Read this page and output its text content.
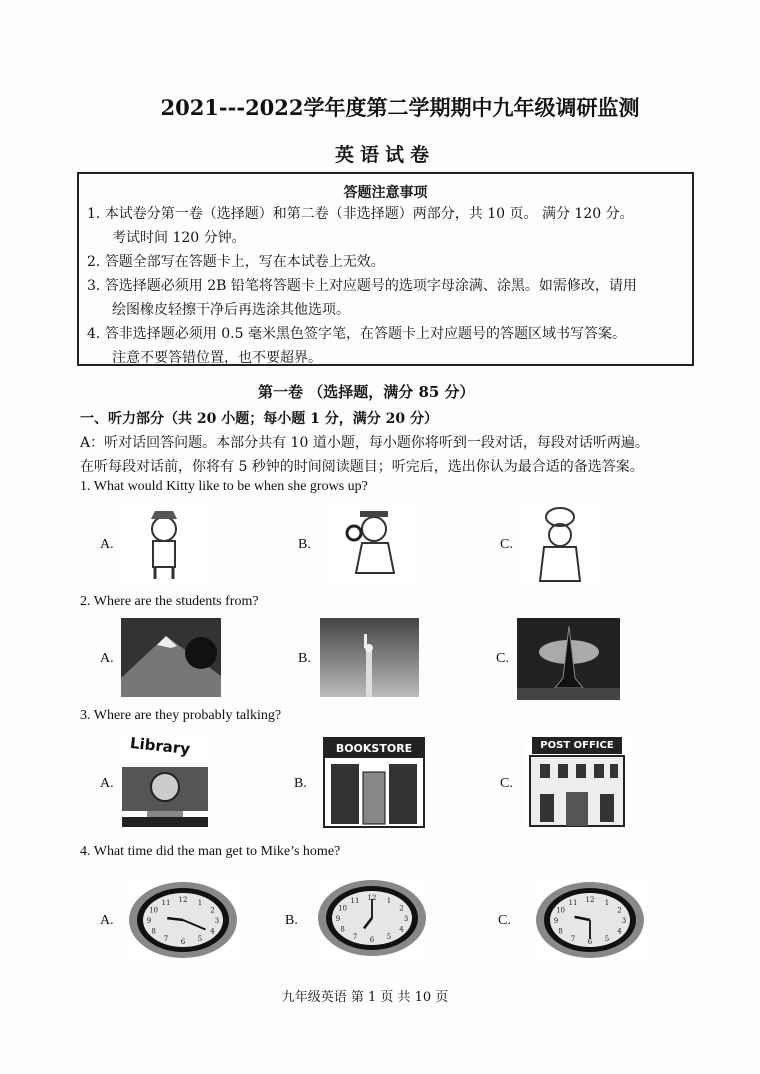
2021---2022学年度第二学期期中九年级调研监测
英语试卷
答题注意事项
1. 本试卷分第一卷（选择题）和第二卷（非选择题）两部分，共 10 页。 满分 120 分。
考试时间 120 分钟。
2. 答题全部写在答题卡上，写在本试卷上无效。
3. 答选择题必须用 2B 铅笔将答题卡上对应题号的选项字母涂满、涂黑。如需修改，请用
绘图橡皮轻擦干净后再选涂其他选项。
4. 答非选择题必须用 0.5 毫米黑色签字笔，在答题卡上对应题号的答题区域书写答案。
注意不要答错位置，也不要超界。
第一卷 （选择题，满分 85 分）
一、听力部分（共 20 小题；每小题 1 分，满分 20 分）
A：听对话回答问题。本部分共有 10 道小题，每小题你将听到一段对话，每段对话听两遍。
在听每段对话前，你将有 5 秒钟的时间阅读题目；听完后，选出你认为最合适的备选答案。
1. What would Kitty like to be when she grows up?
A.	B.	C.
2. Where are the students from?
A.	B.	C.
3. Where are they probably talking?
A.
Library
B.
BOOKSTORE
C.
POST OFFICE
4. What time did the man get to Mike’s home?
A.
1
2
3
4
5
6
7
8
9
10
11 12
B.
1
2
3
4
5
6
7
8
9
10
11 12
C.
1
2
3
4
5
6
7
8
9
10
11 12
九年级英语 第 1 页 共 10 页
